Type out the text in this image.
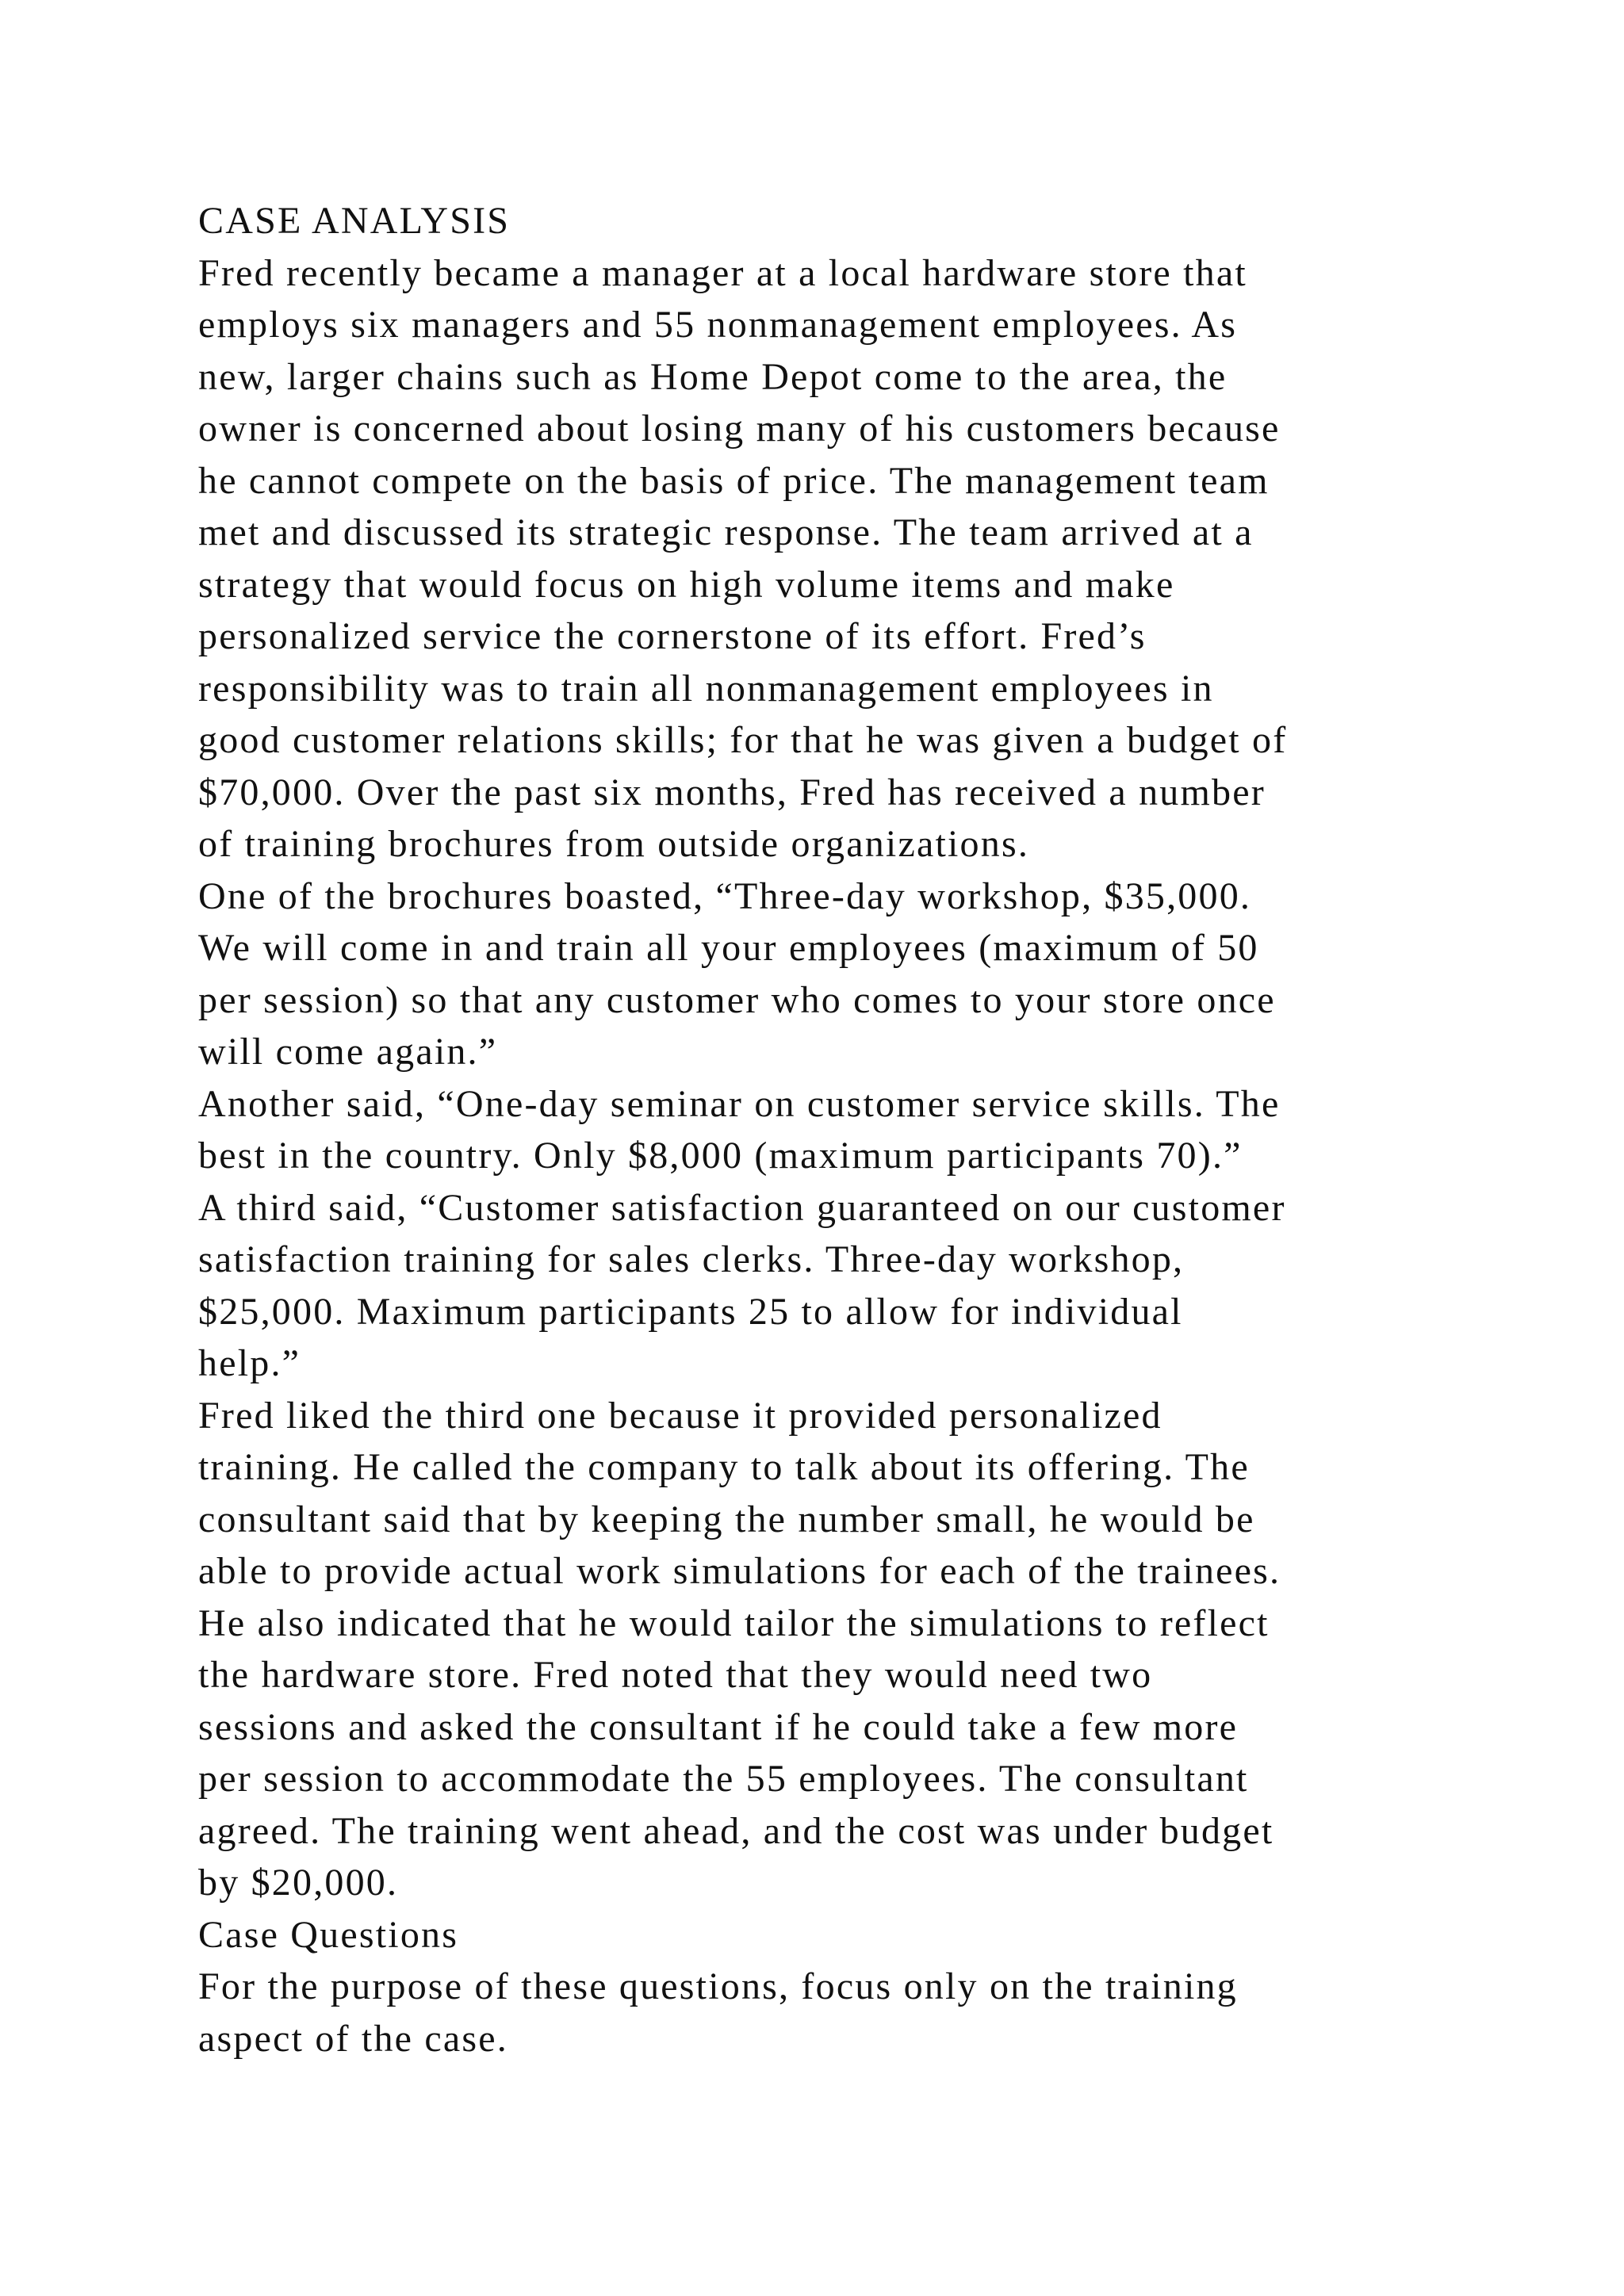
CASE ANALYSIS
Fred recently became a manager at a local hardware store that
employs six managers and 55 nonmanagement employees. As
new, larger chains such as Home Depot come to the area, the
owner is concerned about losing many of his customers because
he cannot compete on the basis of price. The management team
met and discussed its strategic response. The team arrived at a
strategy that would focus on high volume items and make
personalized service the cornerstone of its effort. Fred’s
responsibility was to train all nonmanagement employees in
good customer relations skills; for that he was given a budget of
$70,000. Over the past six months, Fred has received a number
of training brochures from outside organizations.
One of the brochures boasted, “Three-day workshop, $35,000.
We will come in and train all your employees (maximum of 50
per session) so that any customer who comes to your store once
will come again.”
Another said, “One-day seminar on customer service skills. The
best in the country. Only $8,000 (maximum participants 70).”
A third said, “Customer satisfaction guaranteed on our customer
satisfaction training for sales clerks. Three-day workshop,
$25,000. Maximum participants 25 to allow for individual
help.”
Fred liked the third one because it provided personalized
training. He called the company to talk about its offering. The
consultant said that by keeping the number small, he would be
able to provide actual work simulations for each of the trainees.
He also indicated that he would tailor the simulations to reflect
the hardware store. Fred noted that they would need two
sessions and asked the consultant if he could take a few more
per session to accommodate the 55 employees. The consultant
agreed. The training went ahead, and the cost was under budget
by $20,000.
Case Questions
For the purpose of these questions, focus only on the training
aspect of the case.
